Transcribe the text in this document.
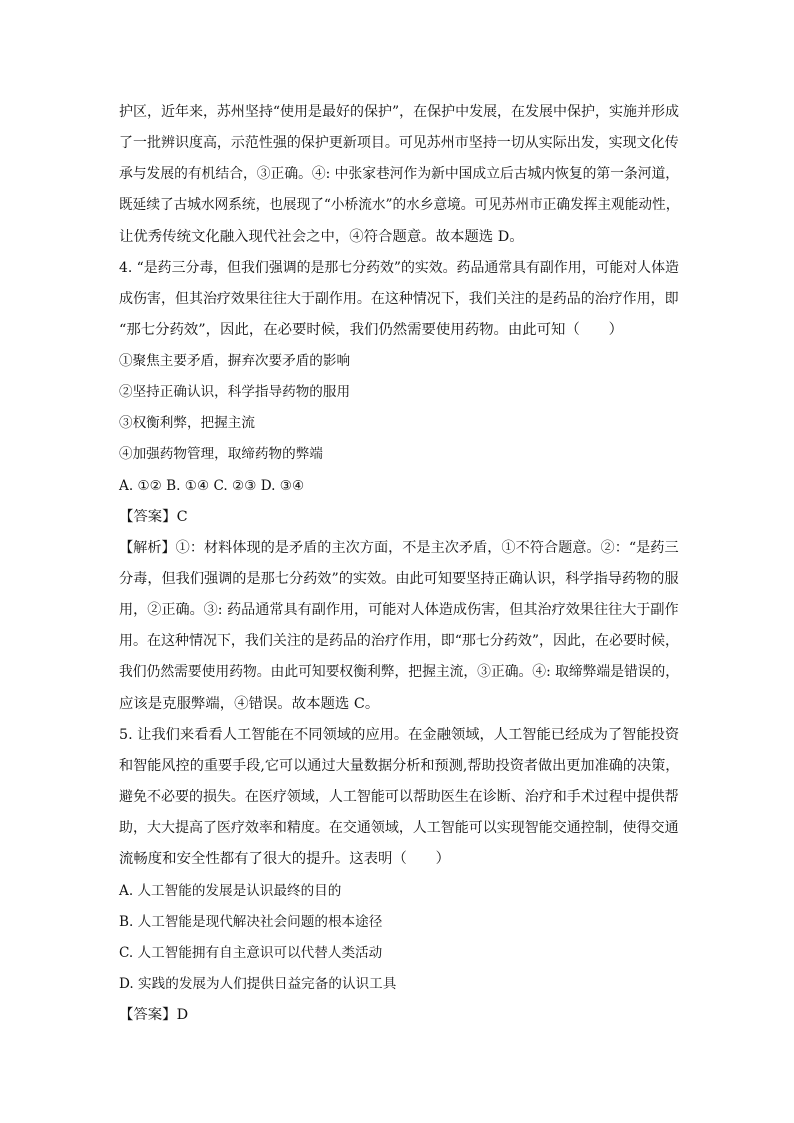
护区，近年来，苏州坚持“使用是最好的保护”，在保护中发展，在发展中保护，实施并形成
了一批辨识度高，示范性强的保护更新项目。可见苏州市坚持一切从实际出发，实现文化传
承与发展的有机结合，③正确。④: 中张家巷河作为新中国成立后古城内恢复的第一条河道，
既延续了古城水网系统，也展现了“小桥流水”的水乡意境。可见苏州市正确发挥主观能动性，
让优秀传统文化融入现代社会之中，④符合题意。故本题选 D。
4. “是药三分毒，但我们强调的是那七分药效”的实效。药品通常具有副作用，可能对人体造
成伤害，但其治疗效果往往大于副作用。在这种情况下，我们关注的是药品的治疗作用，即
“那七分药效”，因此，在必要时候，我们仍然需要使用药物。由此可知（　　）
①聚焦主要矛盾，摒弃次要矛盾的影响
②坚持正确认识，科学指导药物的服用
③权衡利弊，把握主流
④加强药物管理，取缔药物的弊端
A. ①② B. ①④ C. ②③ D. ③④
【答案】C
【解析】①：材料体现的是矛盾的主次方面，不是主次矛盾，①不符合题意。②：“是药三
分毒，但我们强调的是那七分药效”的实效。由此可知要坚持正确认识，科学指导药物的服
用，②正确。③: 药品通常具有副作用，可能对人体造成伤害，但其治疗效果往往大于副作
用。在这种情况下，我们关注的是药品的治疗作用，即“那七分药效”，因此，在必要时候，
我们仍然需要使用药物。由此可知要权衡利弊，把握主流，③正确。④: 取缔弊端是错误的，
应该是克服弊端，④错误。故本题选 C。
5. 让我们来看看人工智能在不同领域的应用。在金融领域，人工智能已经成为了智能投资
和智能风控的重要手段,它可以通过大量数据分析和预测,帮助投资者做出更加准确的决策，
避免不必要的损失。在医疗领域，人工智能可以帮助医生在诊断、治疗和手术过程中提供帮
助，大大提高了医疗效率和精度。在交通领域，人工智能可以实现智能交通控制，使得交通
流畅度和安全性都有了很大的提升。这表明（　　）
A. 人工智能的发展是认识最终的目的
B. 人工智能是现代解决社会问题的根本途径
C. 人工智能拥有自主意识可以代替人类活动
D. 实践的发展为人们提供日益完备的认识工具
【答案】D
